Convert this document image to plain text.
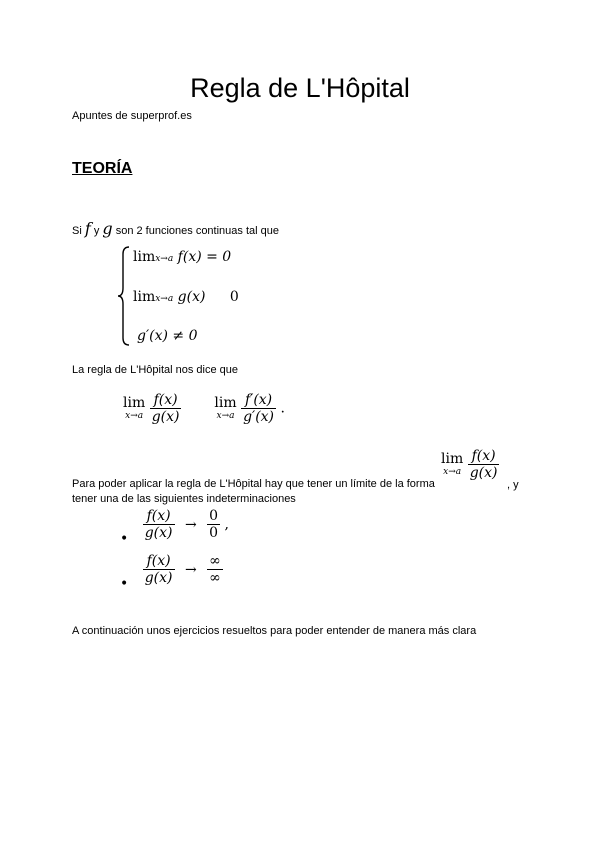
Regla de L'Hôpital
Apuntes de superprof.es
TEORÍA
Si f y g son 2 funciones continuas tal que
limx→a f(x) = 0
limx→a g(x) 0
g′(x) ≠ 0
La regla de L'Hôpital nos dice que
lim
x→a
$\frac{f(x)}{g(x)}$
lim
x→a
$\frac{f'(x)}{g'(x)}$ .
lim
x→a
$\frac{f(x)}{g(x)}$
Para poder aplicar la regla de L'Hôpital hay que tener un límite de la forma	, y
tener una de las siguientes indeterminaciones
• $\frac{f(x)}{g(x)} \to \frac{0}{0}$ ,
• $\frac{f(x)}{g(x)} \to \frac{\infty}{\infty}$
A continuación unos ejercicios resueltos para poder entender de manera más clara
